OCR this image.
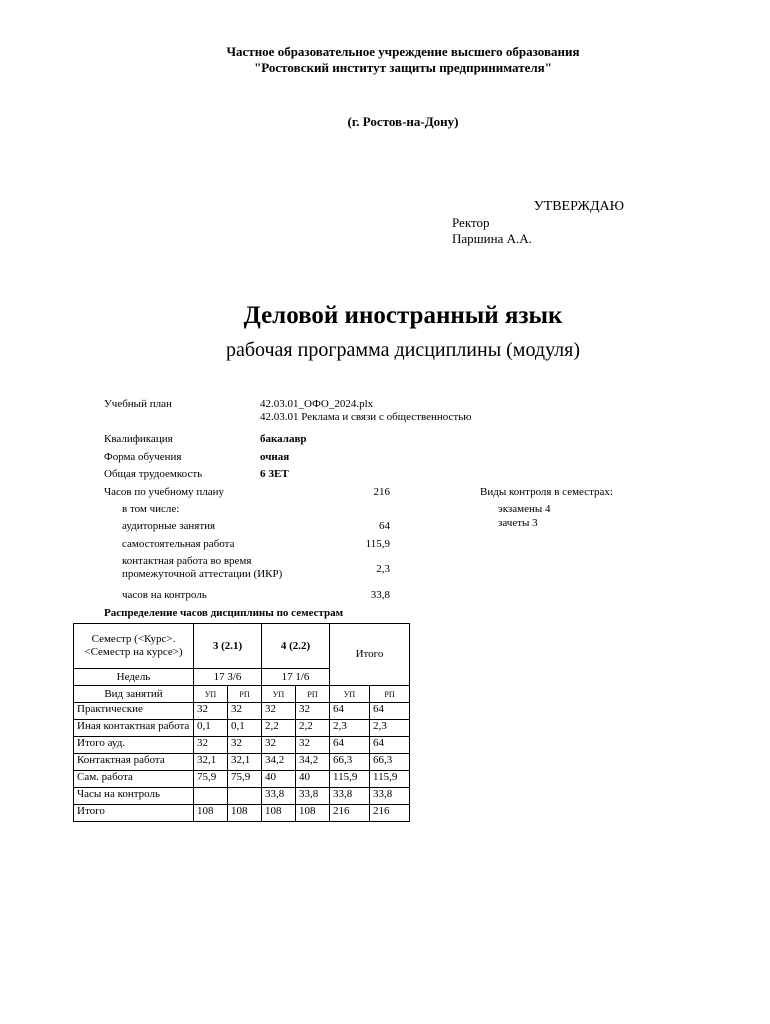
Частное образовательное учреждение высшего образования
"Ростовский институт защиты предпринимателя"
(г. Ростов-на-Дону)
УТВЕРЖДАЮ
Ректор
Паршина А.А.
Деловой иностранный язык
рабочая программа дисциплины (модуля)
Учебный план	42.03.01_ОФО_2024.plx
42.03.01 Реклама и связи с общественностью
Квалификация	бакалавр
Форма обучения	очная
Общая трудоемкость	6 ЗЕТ
Часов по учебному плану	216
в том числе:
аудиторные занятия	64
самостоятельная работа	115,9
контактная работа во время
промежуточной аттестации (ИКР)	2,3
часов на контроль	33,8
Виды контроля в семестрах:
экзамены 4
зачеты 3
Распределение часов дисциплины по семестрам
Семестр (<Курс>.<Семестр на курсе>)	3 (2.1)		4 (2.2)		Итого	
Недель	17 3/6		17 1/6			
Вид занятий	УП	РП	УП	РП	УП	РП
Практические	32	32	32	32	64	64
Иная контактная работа	0,1	0,1	2,2	2,2	2,3	2,3
Итого ауд.	32	32	32	32	64	64
Контактная работа	32,1	32,1	34,2	34,2	66,3	66,3
Сам. работа	75,9	75,9	40	40	115,9	115,9
Часы на контроль			33,8	33,8	33,8	33,8
Итого	108	108	108	108	216	216
